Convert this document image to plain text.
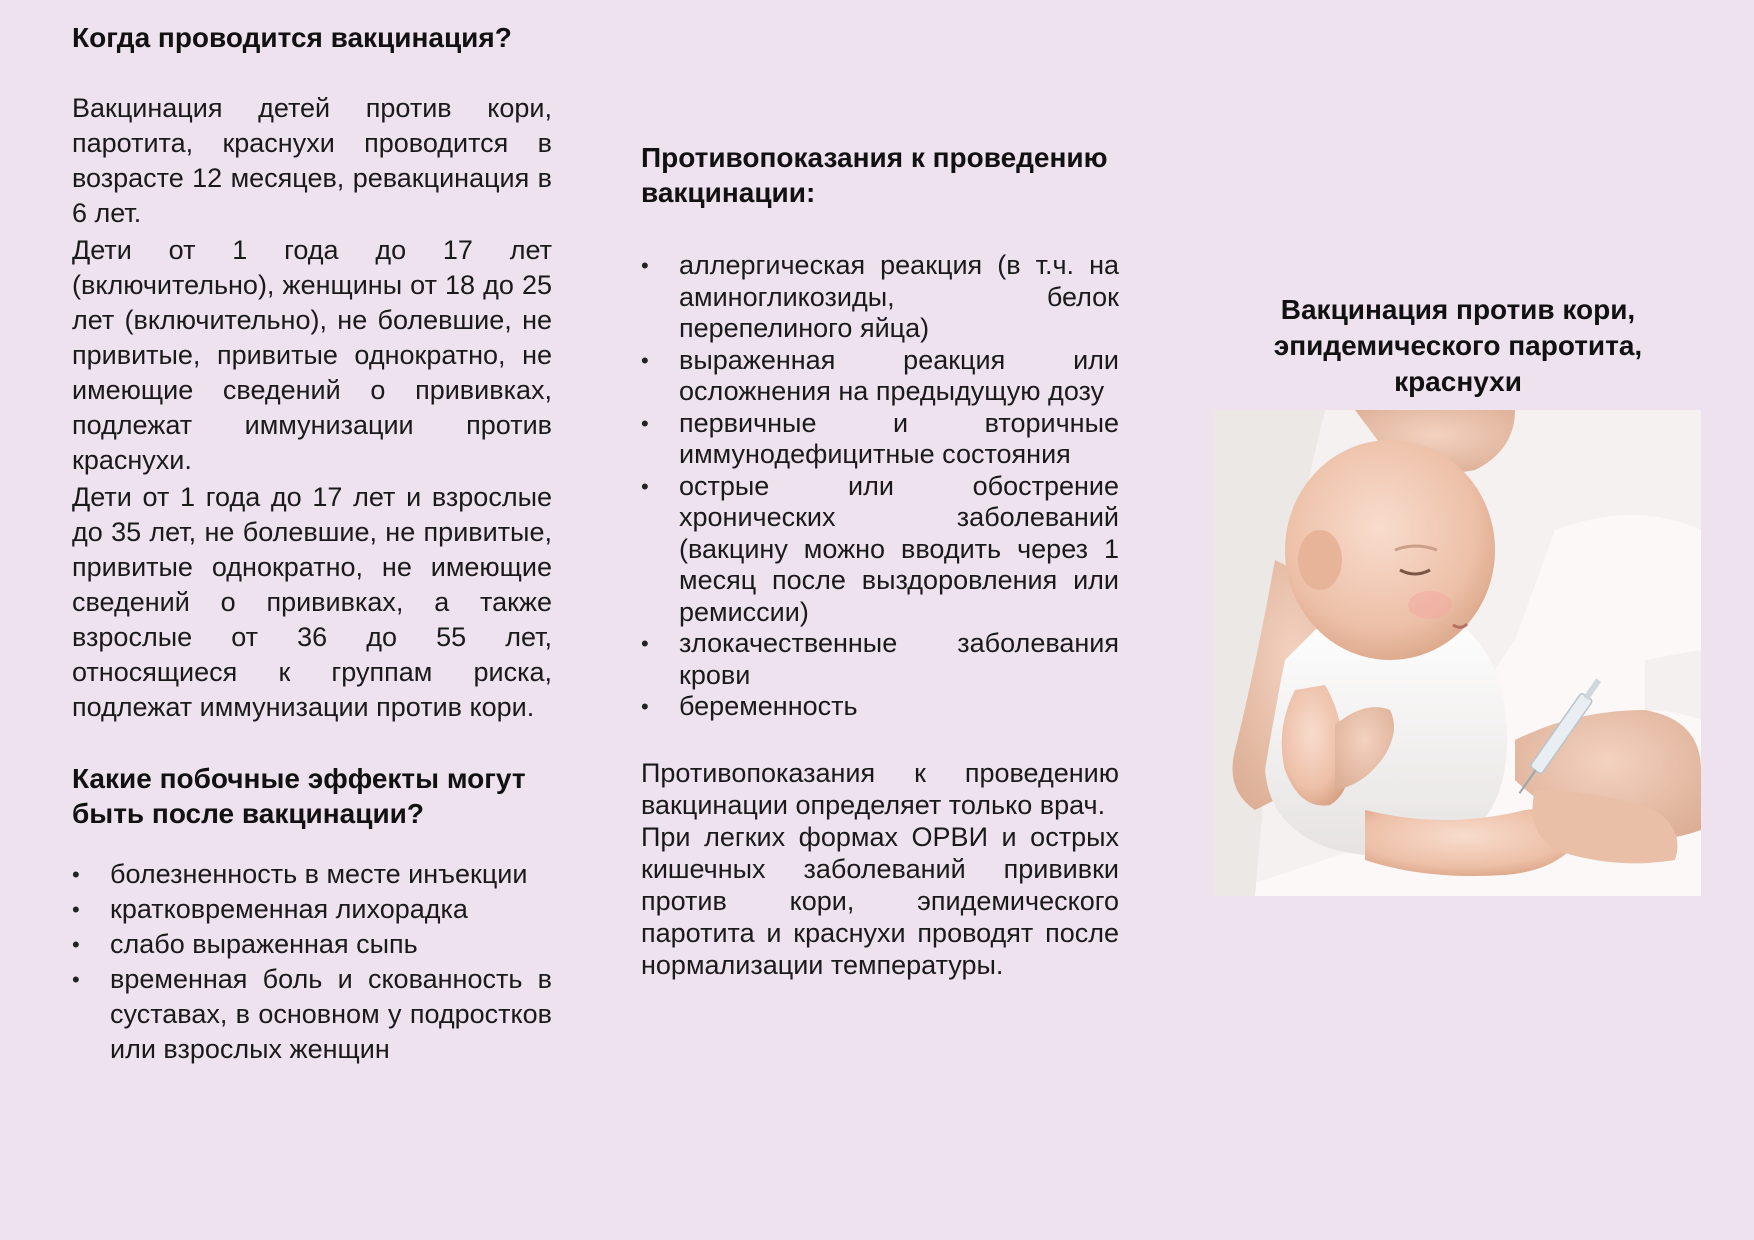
Когда проводится вакцинация?

Вакцинация детей против кори, паротита, краснухи проводится в возрасте 12 месяцев, ревакцинация в 6 лет.

Дети от 1 года до 17 лет (включительно), женщины от 18 до 25 лет (включительно), не болевшие, не привитые, привитые однократно, не имеющие сведений о прививках, подлежат иммунизации против краснухи.

Дети от 1 года до 17 лет и взрослые до 35 лет, не болевшие, не привитые, привитые однократно, не имеющие сведений о прививках, а также взрослые от 36 до 55 лет, относящиеся к группам риска, подлежат иммунизации против кори.

Какие побочные эффекты могут быть после вакцинации?
• болезненность в месте инъекции
• кратковременная лихорадка
• слабо выраженная сыпь
• временная боль и скованность в суставах, в основном у подростков или взрослых женщин
Противопоказания к проведению вакцинации:
• аллергическая реакция (в т.ч. на аминогликозиды, белок перепелиного яйца)
• выраженная реакция или осложнения на предыдущую дозу
• первичные и вторичные иммунодефицитные состояния
• острые или обострение хронических заболеваний (вакцину можно вводить через 1 месяц после выздоровления или ремиссии)
• злокачественные заболевания крови
• беременность

Противопоказания к проведению вакцинации определяет только врач.

При легких формах ОРВИ и острых кишечных заболеваний прививки против кори, эпидемического паротита и краснухи проводят после нормализации температуры.

Вакцинация против кори, эпидемического паротита, краснухи
